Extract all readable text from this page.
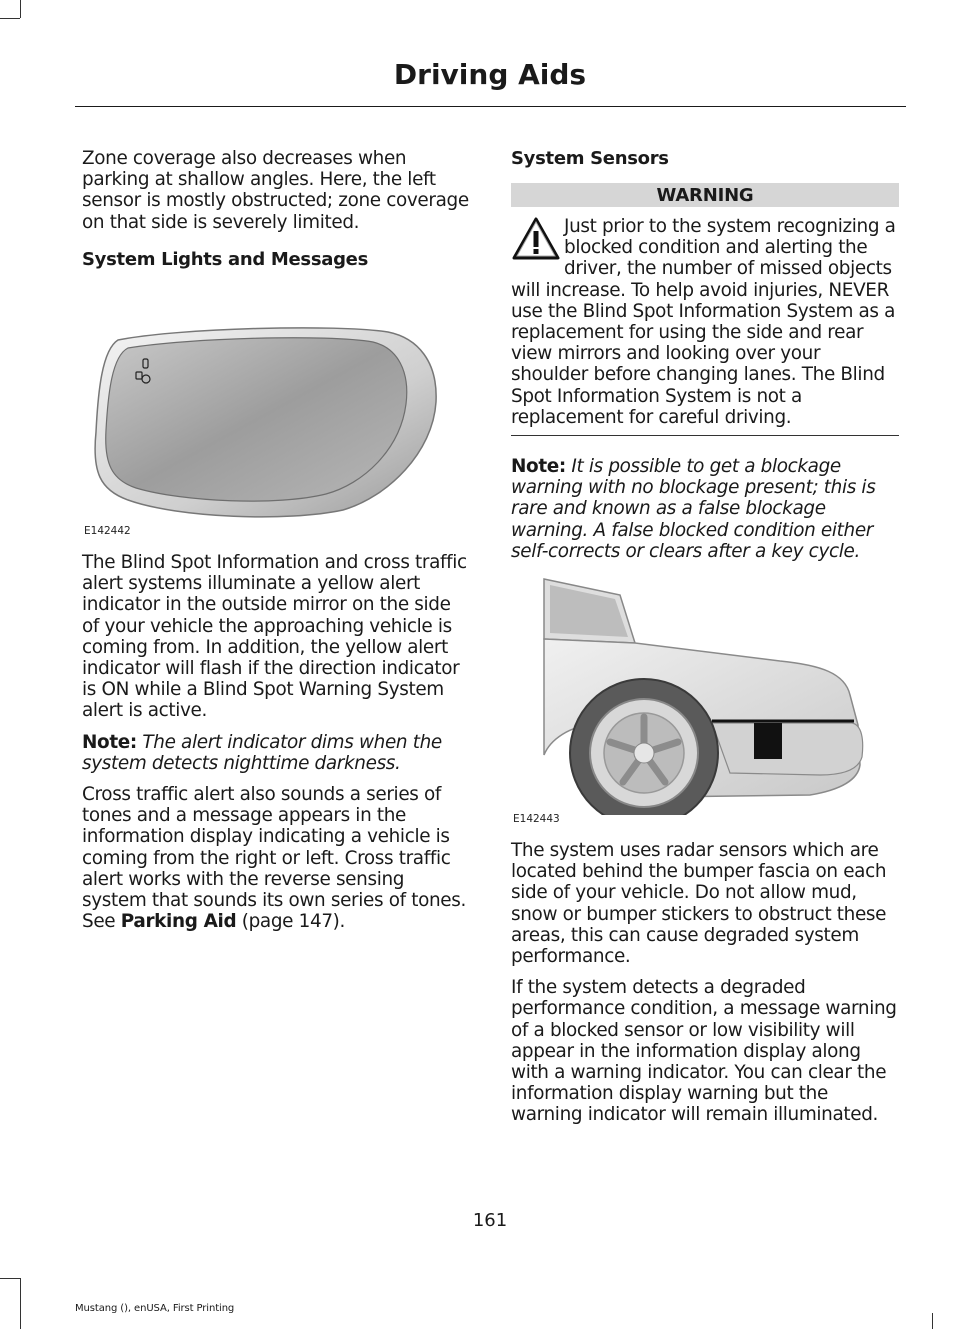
Driving Aids

Zone coverage also decreases when parking at shallow angles. Here, the left sensor is mostly obstructed; zone coverage on that side is severely limited.

System Lights and Messages
E142442

The Blind Spot Information and cross traffic alert systems illuminate a yellow alert indicator in the outside mirror on the side of your vehicle the approaching vehicle is coming from. In addition, the yellow alert indicator will flash if the direction indicator is ON while a Blind Spot Warning System alert is active.

Note: The alert indicator dims when the system detects nighttime darkness.

Cross traffic alert also sounds a series of tones and a message appears in the information display indicating a vehicle is coming from the right or left. Cross traffic alert works with the reverse sensing system that sounds its own series of tones. See Parking Aid (page 147).

System Sensors
WARNING

Just prior to the system recognizing a blocked condition and alerting the driver, the number of missed objects will increase. To help avoid injuries, NEVER use the Blind Spot Information System as a replacement for using the side and rear view mirrors and looking over your shoulder before changing lanes. The Blind Spot Information System is not a replacement for careful driving.

Note: It is possible to get a blockage warning with no blockage present; this is rare and known as a false blockage warning. A false blocked condition either self-corrects or clears after a key cycle.

E142443

The system uses radar sensors which are located behind the bumper fascia on each side of your vehicle. Do not allow mud, snow or bumper stickers to obstruct these areas, this can cause degraded system performance.

If the system detects a degraded performance condition, a message warning of a blocked sensor or low visibility will appear in the information display along with a warning indicator. You can clear the information display warning but the warning indicator will remain illuminated.

161
Mustang (), enUSA, First Printing
